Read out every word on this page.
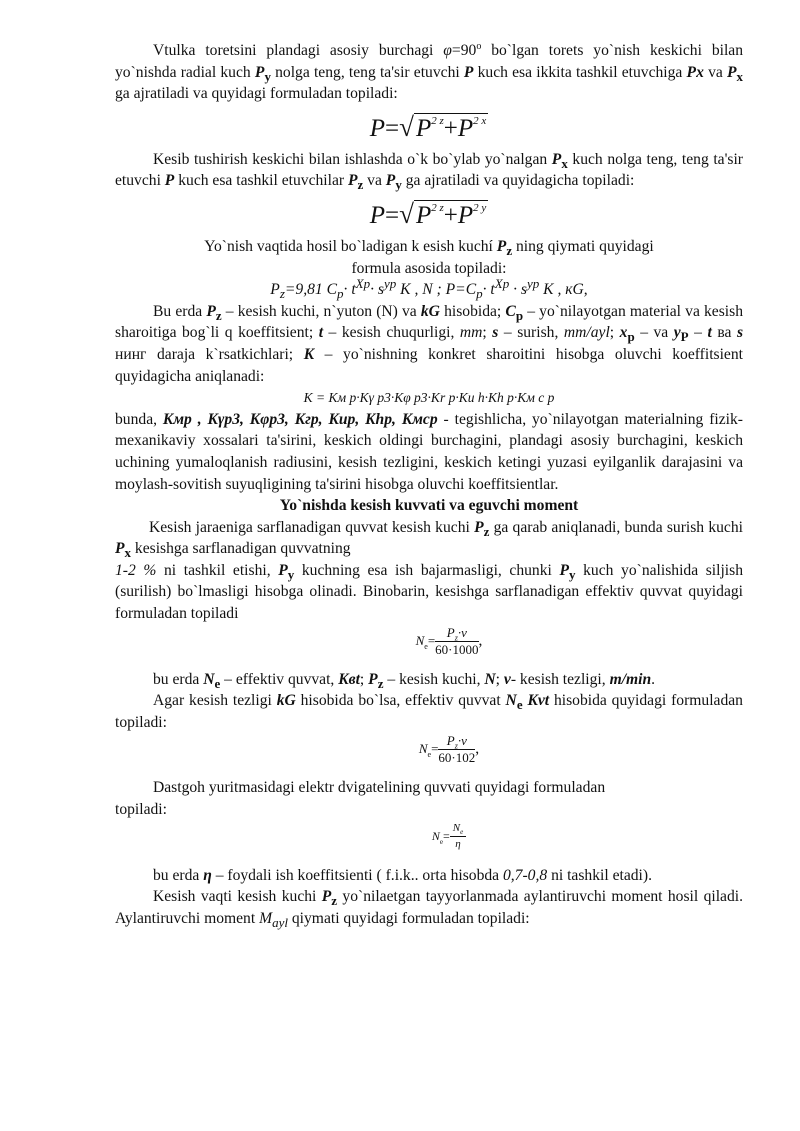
Vtulka toretsini plandagi asosiy burchagi $\varphi=90^o$ bo`lgan torets yo`nish keskichi bilan yo`nishda radial kuch $P_y$ nolga teng, teng ta'sir etuvchi P kuch esa ikkita tashkil etuvchiga Px va $P_x$ ga ajratiladi va quyidagi formuladan topiladi:

$P=√P^{2 z}+P^{2 x}$

Kesib tushirish keskichi bilan ishlashda o`k bo`ylab yo`nalgan $P_x$ kuch nolga teng, teng ta'sir etuvchi P kuch esa tashkil etuvchilar $P_z$ va $P_y$ ga ajratiladi va quyidagicha topiladi:

$P=√P^{2 z}+P^{2 y}$

Yo`nish vaqtida hosil bo`ladigan k esish kuchí $P_z$ ning qiymati quyidagi
formula asosida topiladi:

$P_z=9,81$ $C_p\cdot t^{Xp}\cdot s^{yp}$ K , N ; $P=C_p\cdot t^{Xp} \cdot s^{yp}$ K , кG,

Bu erda $P_z$ – kesish kuchi, n`yuton (N) va kG hisobida; $C_p$ – yo`nilayotgan material va kesish sharoitiga bog`li q koeffitsient; t – kesish chuqurligi, mm; s – surish, mm/ayl; $x_p$ – va $y_P$ – t ва s нинг daraja k`rsatkichlari; K – yo`nishning konkret sharoitini hisobga oluvchi koeffitsient quyidagicha aniqlanadi:

K = Kм р·Kγ р3·Kφ р3·Kr р·Kи h·Kh р·Kм с р

bunda, Kмр , Kγр3, Kφр3, Kгр, Kuр, Khр, Kмср - tegishlicha, yo`nilayotgan materialning fizik-mexanikaviy xossalari ta'sirini, keskich oldingi burchagini, plandagi asosiy burchagini, keskich uchining yumaloqlanish radiusini, kesish tezligini, keskich ketingi yuzasi eyilganlik darajasini va moylash-sovitish suyuqligining ta'sirini hisobga oluvchi koeffitsientlar.

Yo`nishda kesish kuvvati va eguvchi moment

Kesish jaraeniga sarflanadigan quvvat kesish kuchi $P_z$ ga qarab aniqlanadi, bunda surish kuchi $P_x$ kesishga sarflanadigan quvvatning
1-2 % ni tashkil etishi, $P_y$ kuchning esa ish bajarmasligi, chunki $P_y$ kuch yo`nalishida siljish (surilish) bo`lmasligi hisobga olinadi. Binobarin, kesishga sarflanadigan effektiv quvvat quyidagi formuladan topiladi

$N_e= \frac{P_z\cdot v}{60\cdot 1000}$ ,

bu erda $N_e$ – effektiv quvvat, Kвt; $P_z$ – kesish kuchi, N; v- kesish tezligi, m/min.

Agar kesish tezligi kG hisobida bo`lsa, effektiv quvvat $N_e$ Kvt hisobida quyidagi formuladan topiladi:

$N_e= \frac{P_z\cdot v}{60\cdot 102}$ ,

Dastgoh yuritmasidagi elektr dvigatelining quvvati quyidagi formuladan
topiladi:

$N_e= \frac{N_e}{\eta}$

bu erda η – foydali ish koeffitsienti ( f.i.k.. orta hisobda 0,7-0,8 ni tashkil etadi).

Kesish vaqti kesish kuchi $P_z$ yo`nilaetgan tayyorlanmada aylantiruvchi moment hosil qiladi. Aylantiruvchi moment $M_{ayl}$ qiymati quyidagi formuladan topiladi:
